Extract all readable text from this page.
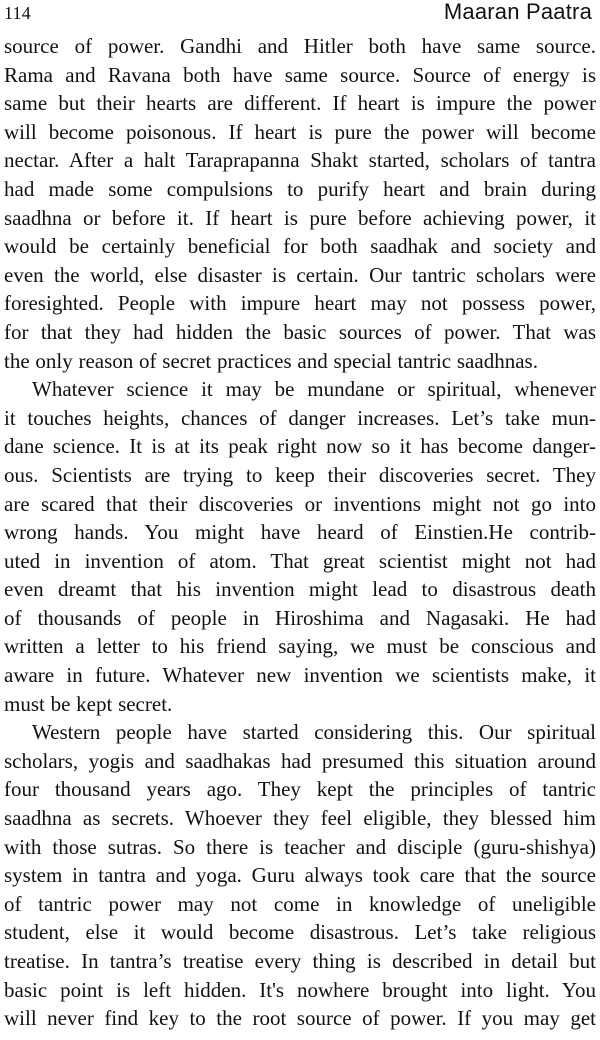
114	Maaran Paatra
source of power. Gandhi and Hitler both have same source.
Rama and Ravana both have same source. Source of energy is
same but their hearts are different. If heart is impure the power
will become poisonous. If heart is pure the power will become
nectar. After a halt Taraprapanna Shakt started, scholars of tantra
had made some compulsions to purify heart and brain during
saadhna or before it. If heart is pure before achieving power, it
would be certainly beneficial for both saadhak and society and
even the world, else disaster is certain. Our tantric scholars were
foresighted. People with impure heart may not possess power,
for that they had hidden the basic sources of power. That was
the only reason of secret practices and special tantric saadhnas.
Whatever science it may be mundane or spiritual, whenever
it touches heights, chances of danger increases. Let’s take mun-
dane science. It is at its peak right now so it has become danger-
ous. Scientists are trying to keep their discoveries secret. They
are scared that their discoveries or inventions might not go into
wrong hands. You might have heard of Einstien.He contrib-
uted in invention of atom. That great scientist might not had
even dreamt that his invention might lead to disastrous death
of thousands of people in Hiroshima and Nagasaki. He had
written a letter to his friend saying, we must be conscious and
aware in future. Whatever new invention we scientists make, it
must be kept secret.
Western people have started considering this. Our spiritual
scholars, yogis and saadhakas had presumed this situation around
four thousand years ago. They kept the principles of tantric
saadhna as secrets. Whoever they feel eligible, they blessed him
with those sutras. So there is teacher and disciple (guru-shishya)
system in tantra and yoga. Guru always took care that the source
of tantric power may not come in knowledge of uneligible
student, else it would become disastrous. Let’s take religious
treatise. In tantra’s treatise every thing is described in detail but
basic point is left hidden. It's nowhere brought into light. You
will never find key to the root source of power. If you may get
